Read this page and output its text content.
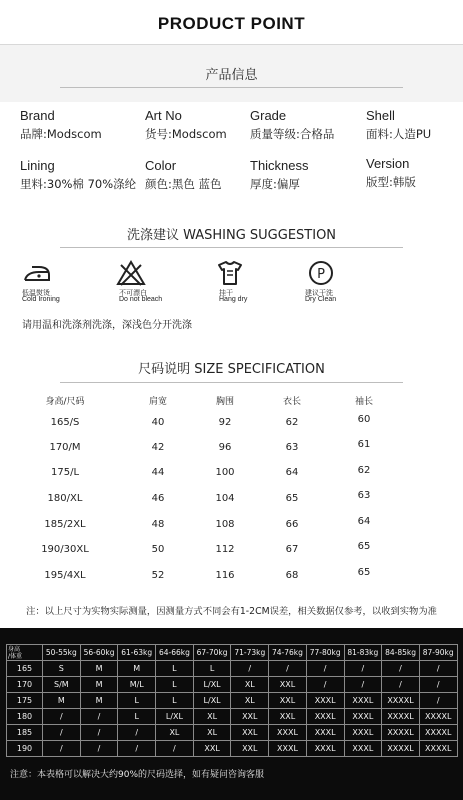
PRODUCT POINT
产品信息
Brand
品牌:Modscom
Art No
货号:Modscom
Grade
质量等级:合格品
Shell
面料:人造PU
Lining
里料:30%棉 70%涤纶
Color
颜色:黑色 蓝色
Thickness
厚度:偏厚
Version
版型:韩版
洗涤建议 WASHING SUGGESTION
低温熨烫
Cold Ironing
不可漂白
Do not bleach
挂干
Hang dry
P
建议干洗
Dry Clean
请用温和洗涤剂洗涤，深浅色分开洗涤
尺码说明 SIZE SPECIFICATION
身高/尺码	肩宽	胸围	衣长	袖长
165/S	40	92	62	60
170/M	42	96	63	61
175/L	44	100	64	62
180/XL	46	104	65	63
185/2XL	48	108	66	64
190/30XL	50	112	67	65
195/4XL	52	116	68	65
注：以上尺寸为实物实际测量，因测量方式不同会有1-2CM误差，相关数据仅参考，以收到实物为准
身高
/体重	50-55kg	56-60kg	61-63kg	64-66kg	67-70kg	71-73kg	74-76kg	77-80kg	81-83kg	84-85kg	87-90kg
165	S	M	M	L	L	/	/	/	/	/	/
170	S/M	M	M/L	L	L/XL	XL	XXL	/	/	/	/
175	M	M	L	L	L/XL	XL	XXL	XXXL	XXXL	XXXXL	/
180	/	/	L	L/XL	XL	XXL	XXL	XXXL	XXXL	XXXXL	XXXXL
185	/	/	/	XL	XL	XXL	XXXL	XXXL	XXXL	XXXXL	XXXXL
190	/	/	/	/	XXL	XXL	XXXL	XXXL	XXXL	XXXXL	XXXXL
注意：本表格可以解决大约90%的尺码选择，如有疑问咨询客服
